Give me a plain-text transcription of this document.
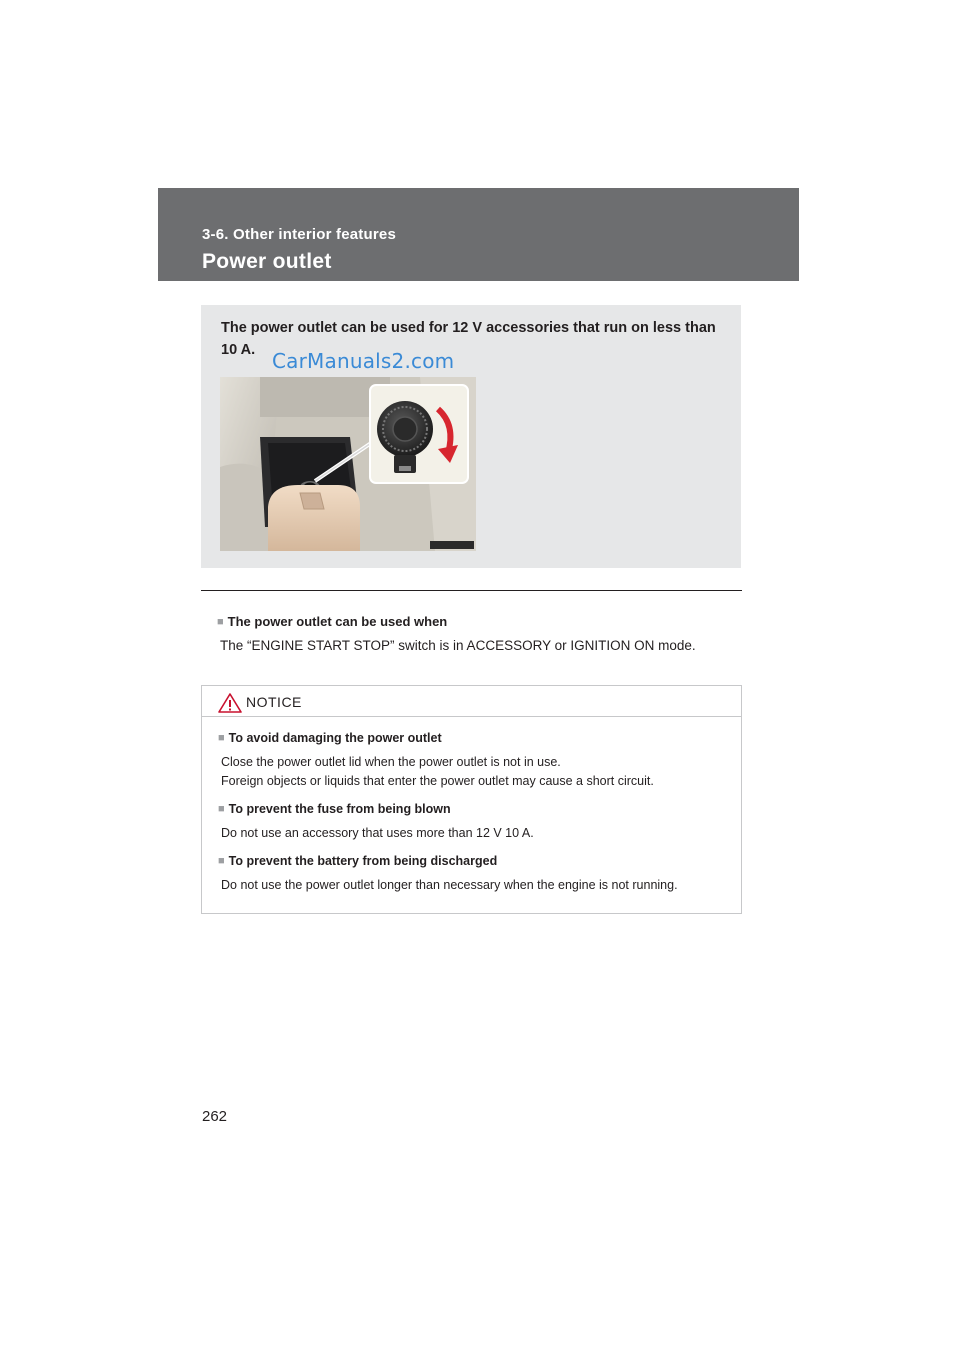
3-6. Other interior features
Power outlet
The power outlet can be used for 12 V accessories that run on less than 10 A. CarManuals2.com
■ The power outlet can be used when
The “ENGINE START STOP” switch is in ACCESSORY or IGNITION ON mode.
NOTICE
■ To avoid damaging the power outlet
Close the power outlet lid when the power outlet is not in use.
Foreign objects or liquids that enter the power outlet may cause a short circuit.
■ To prevent the fuse from being blown
Do not use an accessory that uses more than 12 V 10 A.
■ To prevent the battery from being discharged
Do not use the power outlet longer than necessary when the engine is not running.
262
